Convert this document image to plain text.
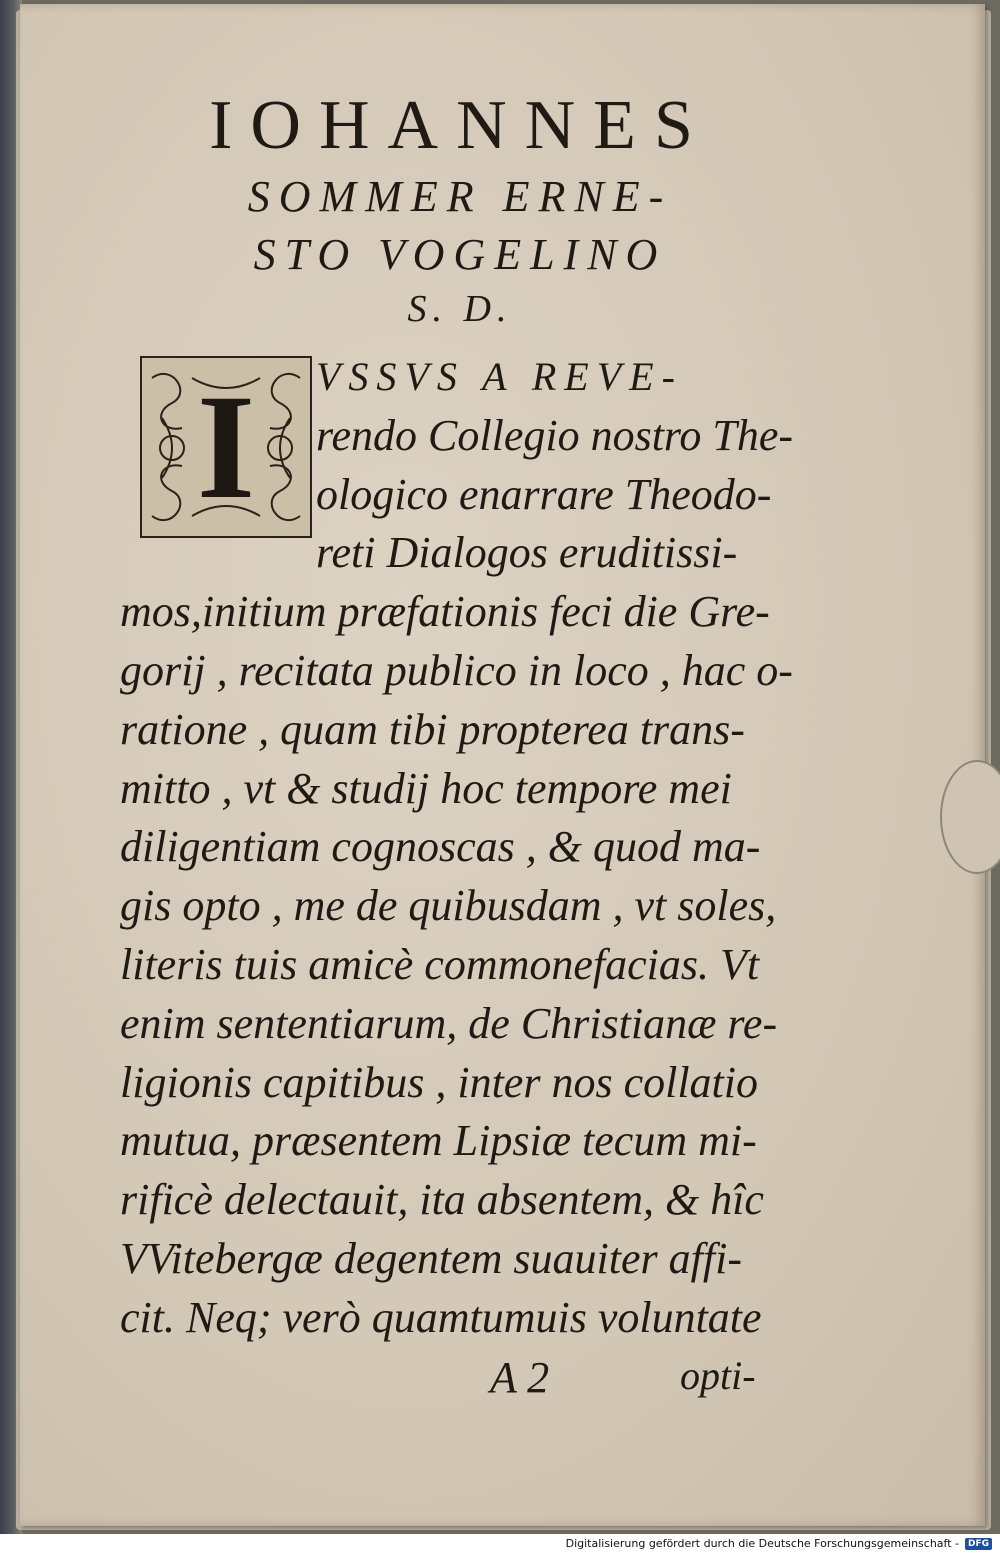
IOHANNES

SOMMER ERNE-

STO VOGELINO

S. D.

I	VSSVS A REVE-

rendo Collegio nostro The-

ologico enarrare Theodo-

reti Dialogos eruditissi-

mos,initium præfationis feci die Gre-

gorij , recitata publico in loco , hac o-

ratione , quam tibi propterea trans-

mitto , vt & studij hoc tempore mei

diligentiam cognoscas , & quod ma-

gis opto , me de quibusdam , vt soles,

literis tuis amicè commonefacias. Vt

enim sententiarum, de Christianæ re-

ligionis capitibus , inter nos collatio

mutua, præsentem Lipsiæ tecum mi-

rificè delectauit, ita absentem, & hîc

VVitebergæ degentem suauiter affi-

cit. Neq; verò quamtumuis voluntate

A 2	opti-
Digitalisierung gefördert durch die Deutsche Forschungsgemeinschaft -	DFG
